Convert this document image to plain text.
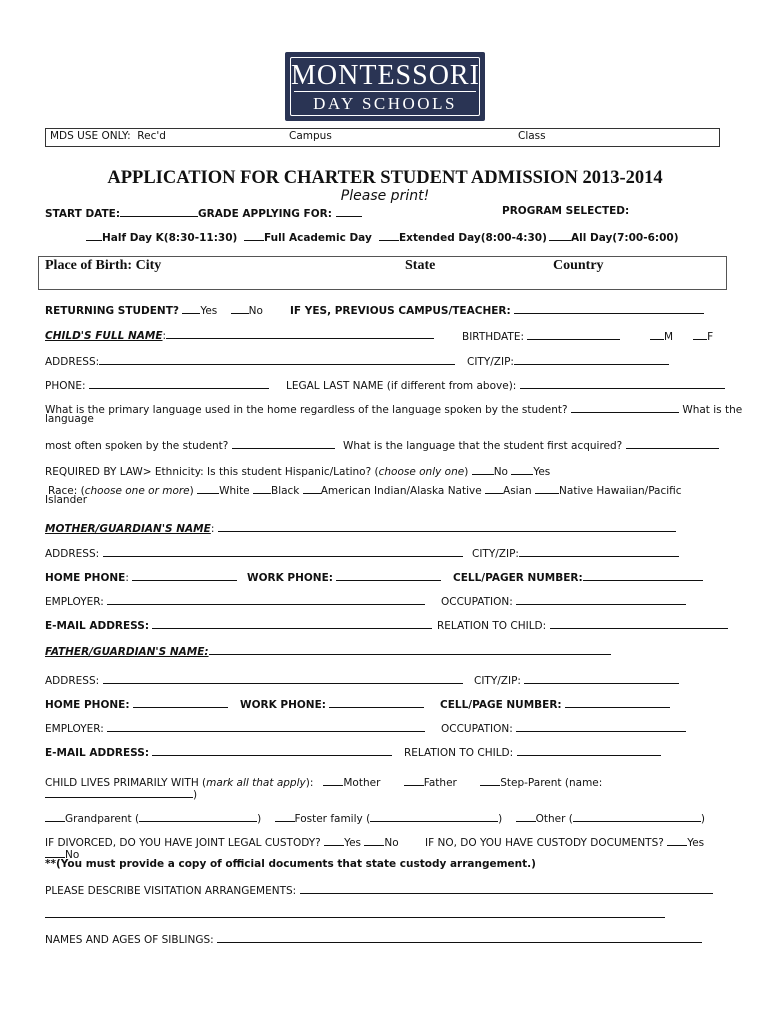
MONTESSORI
DAY SCHOOLS
MDS USE ONLY: Rec'd	Campus	Class
APPLICATION FOR CHARTER STUDENT ADMISSION 2013-2014
Please print!
START DATE:	GRADE APPLYING FOR:	PROGRAM SELECTED:
Half Day K(8:30-11:30)	Full Academic Day	Extended Day(8:00-4:30)	All Day(7:00-6:00)
Place of Birth: City	State	Country
RETURNING STUDENT? Yes	No	IF YES, PREVIOUS CAMPUS/TEACHER:
CHILD'S FULL NAME:	BIRTHDATE:	M	F
ADDRESS:	CITY/ZIP:
PHONE:	LEGAL LAST NAME (if different from above):
What is the primary language used in the home regardless of the language spoken by the student?	What is the
language
most often spoken by the student?	What is the language that the student first acquired?
REQUIRED BY LAW> Ethnicity: Is this student Hispanic/Latino? (choose only one) No Yes
Race: (choose one or more) White Black American Indian/Alaska Native Asian	Native Hawaiian/Pacific
Islander
MOTHER/GUARDIAN'S NAME:
ADDRESS:	CITY/ZIP:
HOME PHONE:	WORK PHONE:	CELL/PAGER NUMBER:
EMPLOYER:	OCCUPATION:
E-MAIL ADDRESS:	RELATION TO CHILD:
FATHER/GUARDIAN'S NAME:
ADDRESS:	CITY/ZIP:
HOME PHONE:	WORK PHONE:	CELL/PAGE NUMBER:
EMPLOYER:	OCCUPATION:
E-MAIL ADDRESS:	RELATION TO CHILD:
CHILD LIVES PRIMARILY WITH (mark all that apply):	Mother	Father	Step-Parent (name:
)
Grandparent (	)	Foster family (	)	Other (	)
IF DIVORCED, DO YOU HAVE JOINT LEGAL CUSTODY? Yes No	IF NO, DO YOU HAVE CUSTODY DOCUMENTS? Yes
No
**(You must provide a copy of official documents that state custody arrangement.)
PLEASE DESCRIBE VISITATION ARRANGEMENTS:
NAMES AND AGES OF SIBLINGS:
